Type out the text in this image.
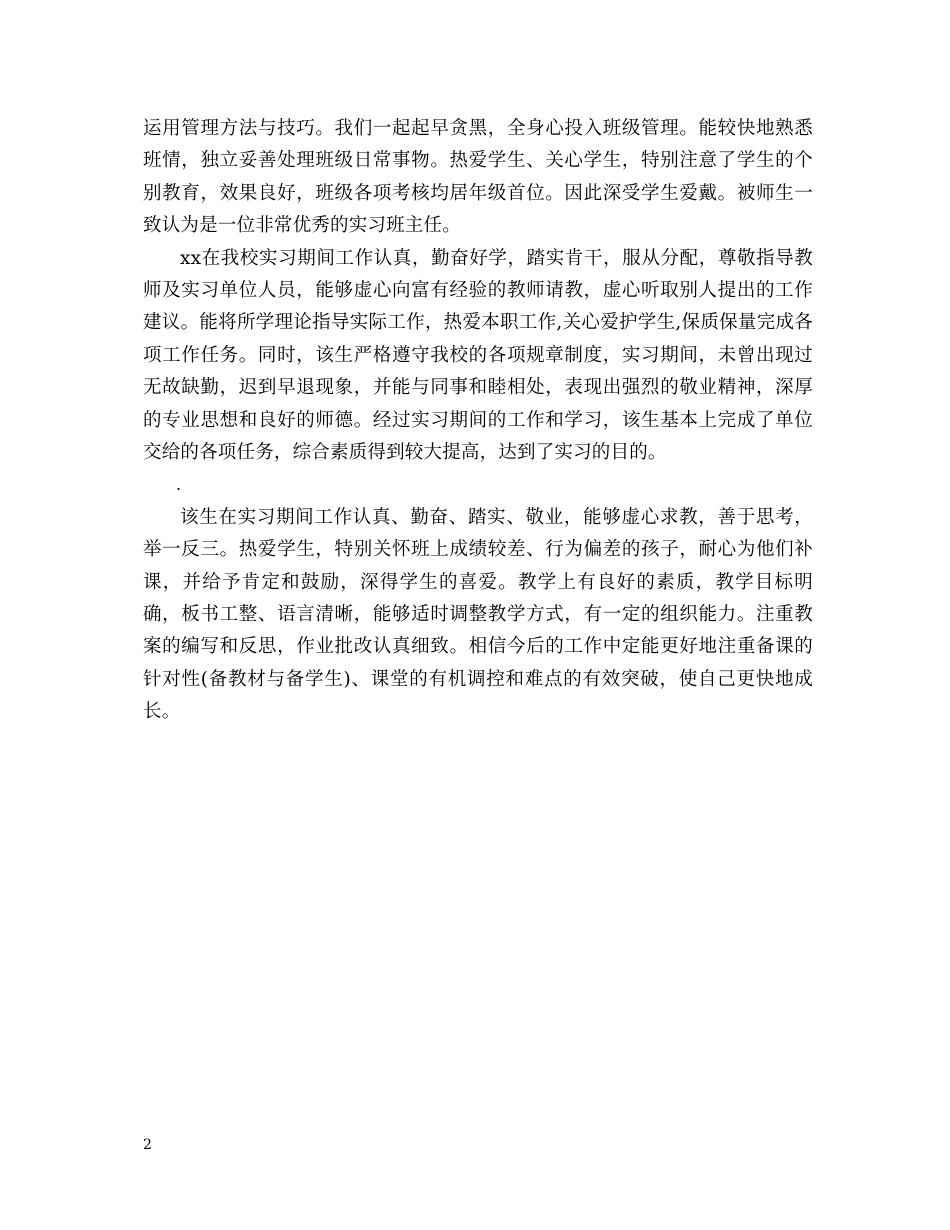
运用管理方法与技巧。我们一起起早贪黑，全身心投入班级管理。能较快地熟悉班情，独立妥善处理班级日常事物。热爱学生、关心学生，特别注意了学生的个别教育，效果良好，班级各项考核均居年级首位。因此深受学生爱戴。被师生一致认为是一位非常优秀的实习班主任。

xx在我校实习期间工作认真，勤奋好学，踏实肯干，服从分配，尊敬指导教师及实习单位人员，能够虚心向富有经验的教师请教，虚心听取别人提出的工作建议。能将所学理论指导实际工作，热爱本职工作,关心爱护学生,保质保量完成各项工作任务。同时，该生严格遵守我校的各项规章制度，实习期间，未曾出现过无故缺勤，迟到早退现象，并能与同事和睦相处，表现出强烈的敬业精神，深厚的专业思想和良好的师德。经过实习期间的工作和学习，该生基本上完成了单位交给的各项任务，综合素质得到较大提高，达到了实习的目的。

.

该生在实习期间工作认真、勤奋、踏实、敬业，能够虚心求教，善于思考，举一反三。热爱学生，特别关怀班上成绩较差、行为偏差的孩子，耐心为他们补课，并给予肯定和鼓励，深得学生的喜爱。教学上有良好的素质，教学目标明确，板书工整、语言清晰，能够适时调整教学方式，有一定的组织能力。注重教案的编写和反思，作业批改认真细致。相信今后的工作中定能更好地注重备课的针对性(备教材与备学生)、课堂的有机调控和难点的有效突破，使自己更快地成长。

2
